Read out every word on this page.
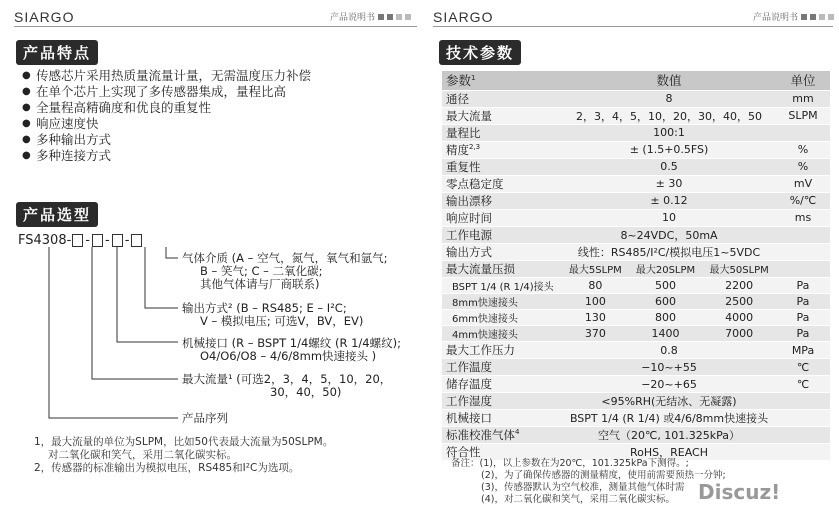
SIARGO	产品说明书
产品特点
● 传感芯片采用热质量流量计量，无需温度压力补偿
● 在单个芯片上实现了多传感器集成，量程比高
● 全量程高精确度和优良的重复性
● 响应速度快
● 多种输出方式
● 多种连接方式
产品选型
FS4308- - - -
气体介质 (A – 空气，氮气，氧气和氩气;
B – 笑气; C – 二氧化碳;
其他气体请与厂商联系)
输出方式² (B – RS485; E – I²C;
V – 模拟电压; 可选V，BV，EV)
机械接口 (R – BSPT 1/4螺纹 (R 1/4螺纹);
O4/O6/O8 – 4/6/8mm快速接头 )
最大流量¹ (可选2，3，4，5，10，20，
30，40，50)
产品序列
1，最大流量的单位为SLPM，比如50代表最大流量为50SLPM。
对二氧化碳和笑气，采用二氧化碳实标。
2，传感器的标准输出为模拟电压，RS485和I²C为选项。
SIARGO	产品说明书
技术参数
参数$^1$	数值			单位
通径	8			mm
最大流量	2，3，4，5，10，20，30，40，50			SLPM
量程比	100:1			
精度$^{2,3}$	± (1.5+0.5FS)			%
重复性	0.5			%
零点稳定度	± 30			mV
输出漂移	± 0.12			%/℃
响应时间	10			ms
工作电源	8~24VDC，50mA			
输出方式	线性：RS485/I²C/模拟电压1~5VDC			
最大流量压损	最大5SLPM	最大20SLPM	最大50SLPM	
BSPT 1/4 (R 1/4)接头	80	500	2200	Pa
8mm快速接头	100	600	2500	Pa
6mm快速接头	130	800	4000	Pa
4mm快速接头	370	1400	7000	Pa
最大工作压力	0.8			MPa
工作温度	−10~+55			℃
储存温度	−20~+65			℃
工作湿度	<95%RH(无结冰、无凝露)			
机械接口	BSPT 1/4 (R 1/4) 或4/6/8mm快速接头			
标准校准气体$^4$	空气（20℃, 101.325kPa）			
符合性	RoHS，REACH			
备注：(1)，以上参数在为20℃，101.325kPa下测得。;
(2)，为了确保传感器的测量精度，使用前需要预热一分钟;
(3)，传感器默认为空气校准，测量其他气体时需
(4)，对二氧化碳和笑气，采用二氧化碳实标。	Discuz!
